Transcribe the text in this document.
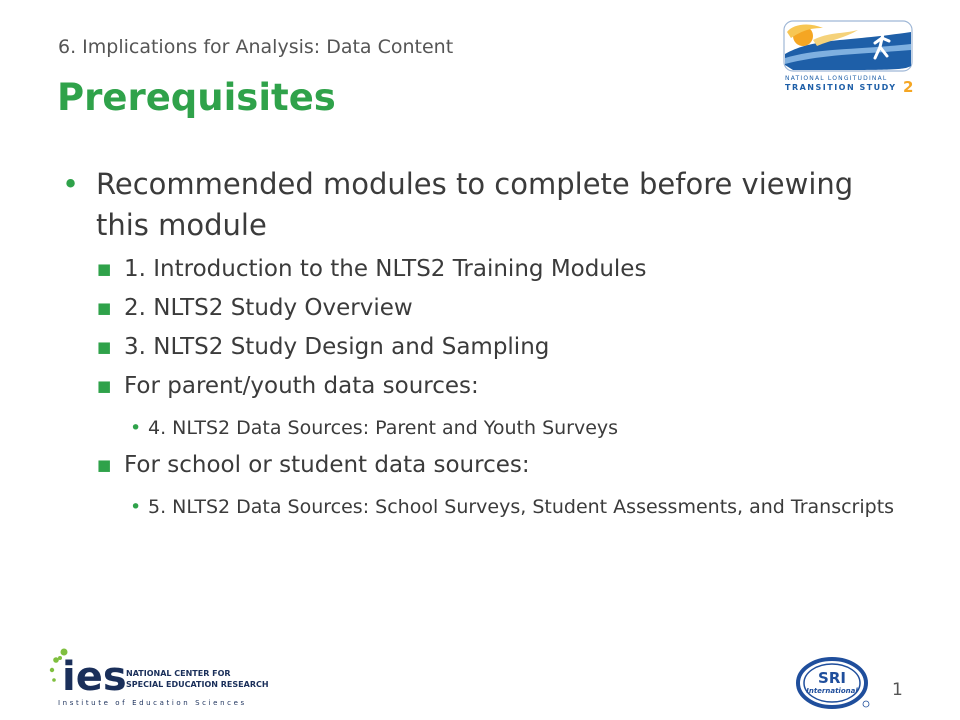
6. Implications for Analysis: Data Content
Prerequisites	NATIONAL LONGITUDINAL
TRANSITION STUDY 2
• Recommended modules to complete before viewing this module
■ 1. Introduction to the NLTS2 Training Modules
■ 2. NLTS2 Study Overview
■ 3. NLTS2 Study Design and Sampling
■ For parent/youth data sources:
• 4. NLTS2 Data Sources: Parent and Youth Surveys
■ For school or student data sources:
• 5. NLTS2 Data Sources: School Surveys, Student Assessments, and Transcripts
ies NATIONAL CENTER FOR
SPECIAL EDUCATION RESEARCH
Institute of Education Sciences
SRI
International 1
